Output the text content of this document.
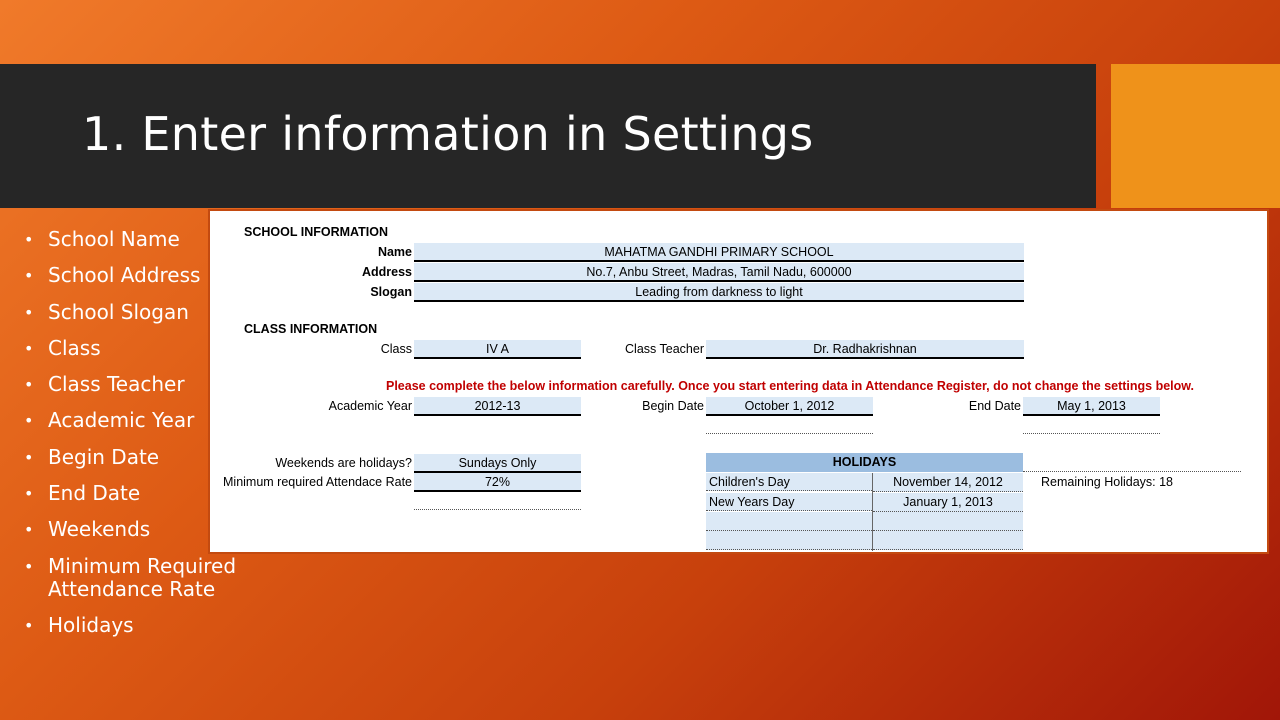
1. Enter information in Settings
• School Name
• School Address
• School Slogan
• Class
• Class Teacher
• Academic Year
• Begin Date
• End Date
• Weekends
• Minimum Required Attendance Rate
• Holidays
SCHOOL INFORMATION
Name	MAHATMA GANDHI PRIMARY SCHOOL
Address	No.7, Anbu Street, Madras, Tamil Nadu, 600000
Slogan	Leading from darkness to light
CLASS INFORMATION
Class	IV A	Class Teacher	Dr. Radhakrishnan
Please complete the below information carefully. Once you start entering data in Attendance Register, do not change the settings below.
Academic Year	2012-13	Begin Date	October 1, 2012	End Date	May 1, 2013
Weekends are holidays?	Sundays Only
Minimum required Attendace Rate	72%
HOLIDAYS
Children's Day	November 14, 2012
New Years Day	January 1, 2013
Remaining Holidays: 18
